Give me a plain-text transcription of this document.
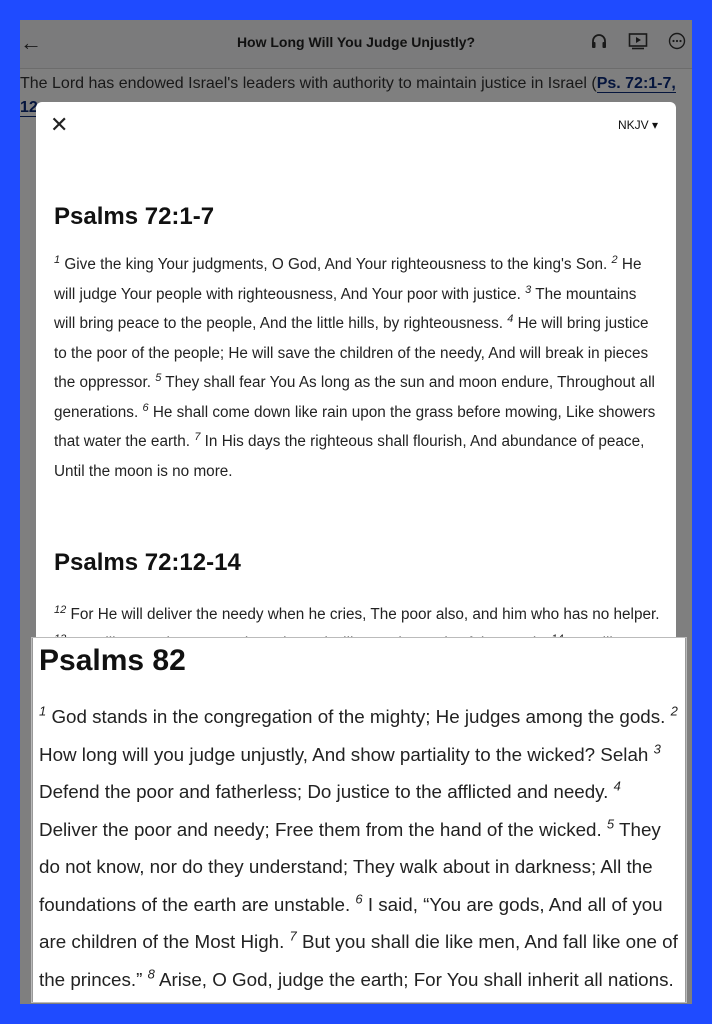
✕	NKJV ▾
Psalms 72:1-7
$^1$ Give the king Your judgments, O God, And Your righteousness to the king's Son. $^2$ He will judge Your people with righteousness, And Your poor with justice. $^3$ The mountains will bring peace to the people, And the little hills, by righteousness. $^4$ He will bring justice to the poor of the people; He will save the children of the needy, And will break in pieces the oppressor. $^5$ They shall fear You As long as the sun and moon endure, Throughout all generations. $^6$ He shall come down like rain upon the grass before mowing, Like showers that water the earth. $^7$ In His days the righteous shall flourish, And abundance of peace, Until the moon is no more.
Psalms 72:12-14
$^{12}$ For He will deliver the needy when he cries, The poor also, and him who has no helper.
Psalms 82
$^1$ God stands in the congregation of the mighty; He judges among the gods. $^2$ How long will you judge unjustly, And show partiality to the wicked? Selah $^3$ Defend the poor and fatherless; Do justice to the afflicted and needy. $^4$ Deliver the poor and needy; Free them from the hand of the wicked. $^5$ They do not know, nor do they understand; They walk about in darkness; All the foundations of the earth are unstable. $^6$ I said, “You are gods, And all of you are children of the Most High. $^7$ But you shall die like men, And fall like one of the princes.” $^8$ Arise, O God, judge the earth; For You shall inherit all nations.
